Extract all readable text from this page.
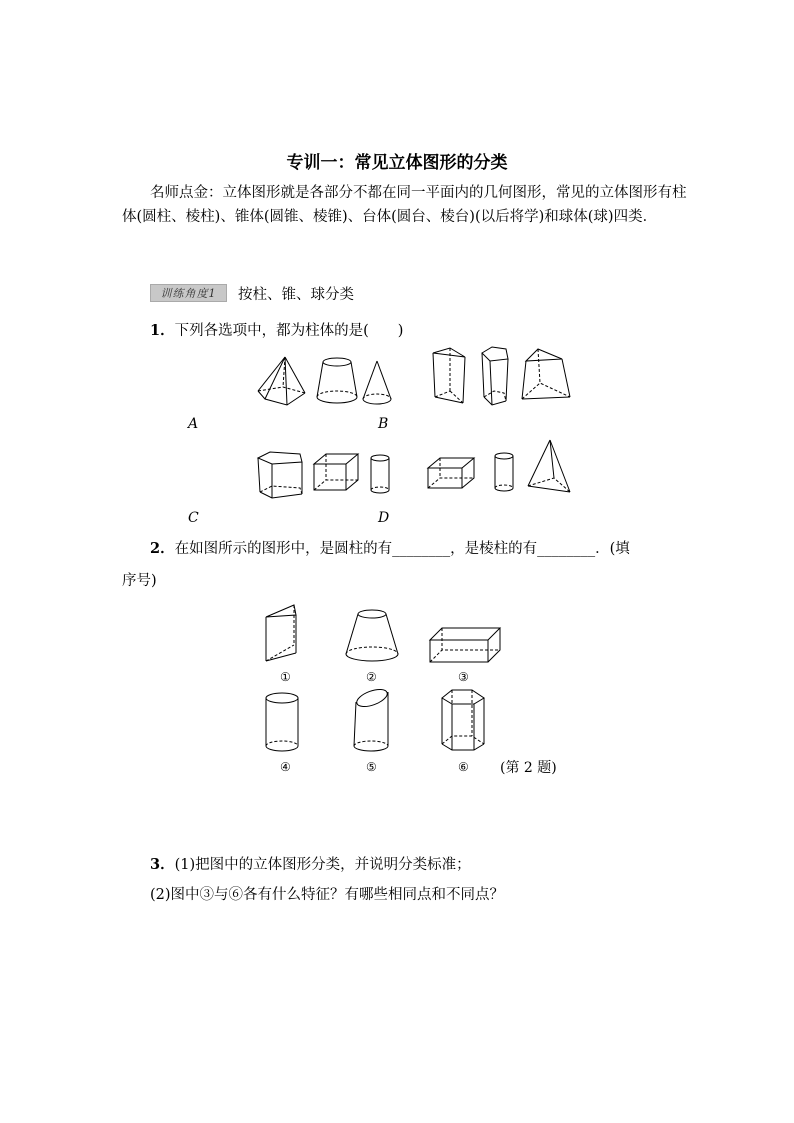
专训一：常见立体图形的分类
名师点金：立体图形就是各部分不都在同一平面内的几何图形，常见的立体图形有柱
体(圆柱、棱柱)、锥体(圆锥、棱锥)、台体(圆台、棱台)(以后将学)和球体(球)四类．
训练角度1	按柱、锥、球分类
1．下列各选项中，都为柱体的是(　　)
A	B
C	D
2．在如图所示的图形中，是圆柱的有________，是棱柱的有________．(填
序号)
①	②	③
④	⑤	⑥ (第 2 题)
3．(1)把图中的立体图形分类，并说明分类标准；
(2)图中③与⑥各有什么特征？有哪些相同点和不同点？
